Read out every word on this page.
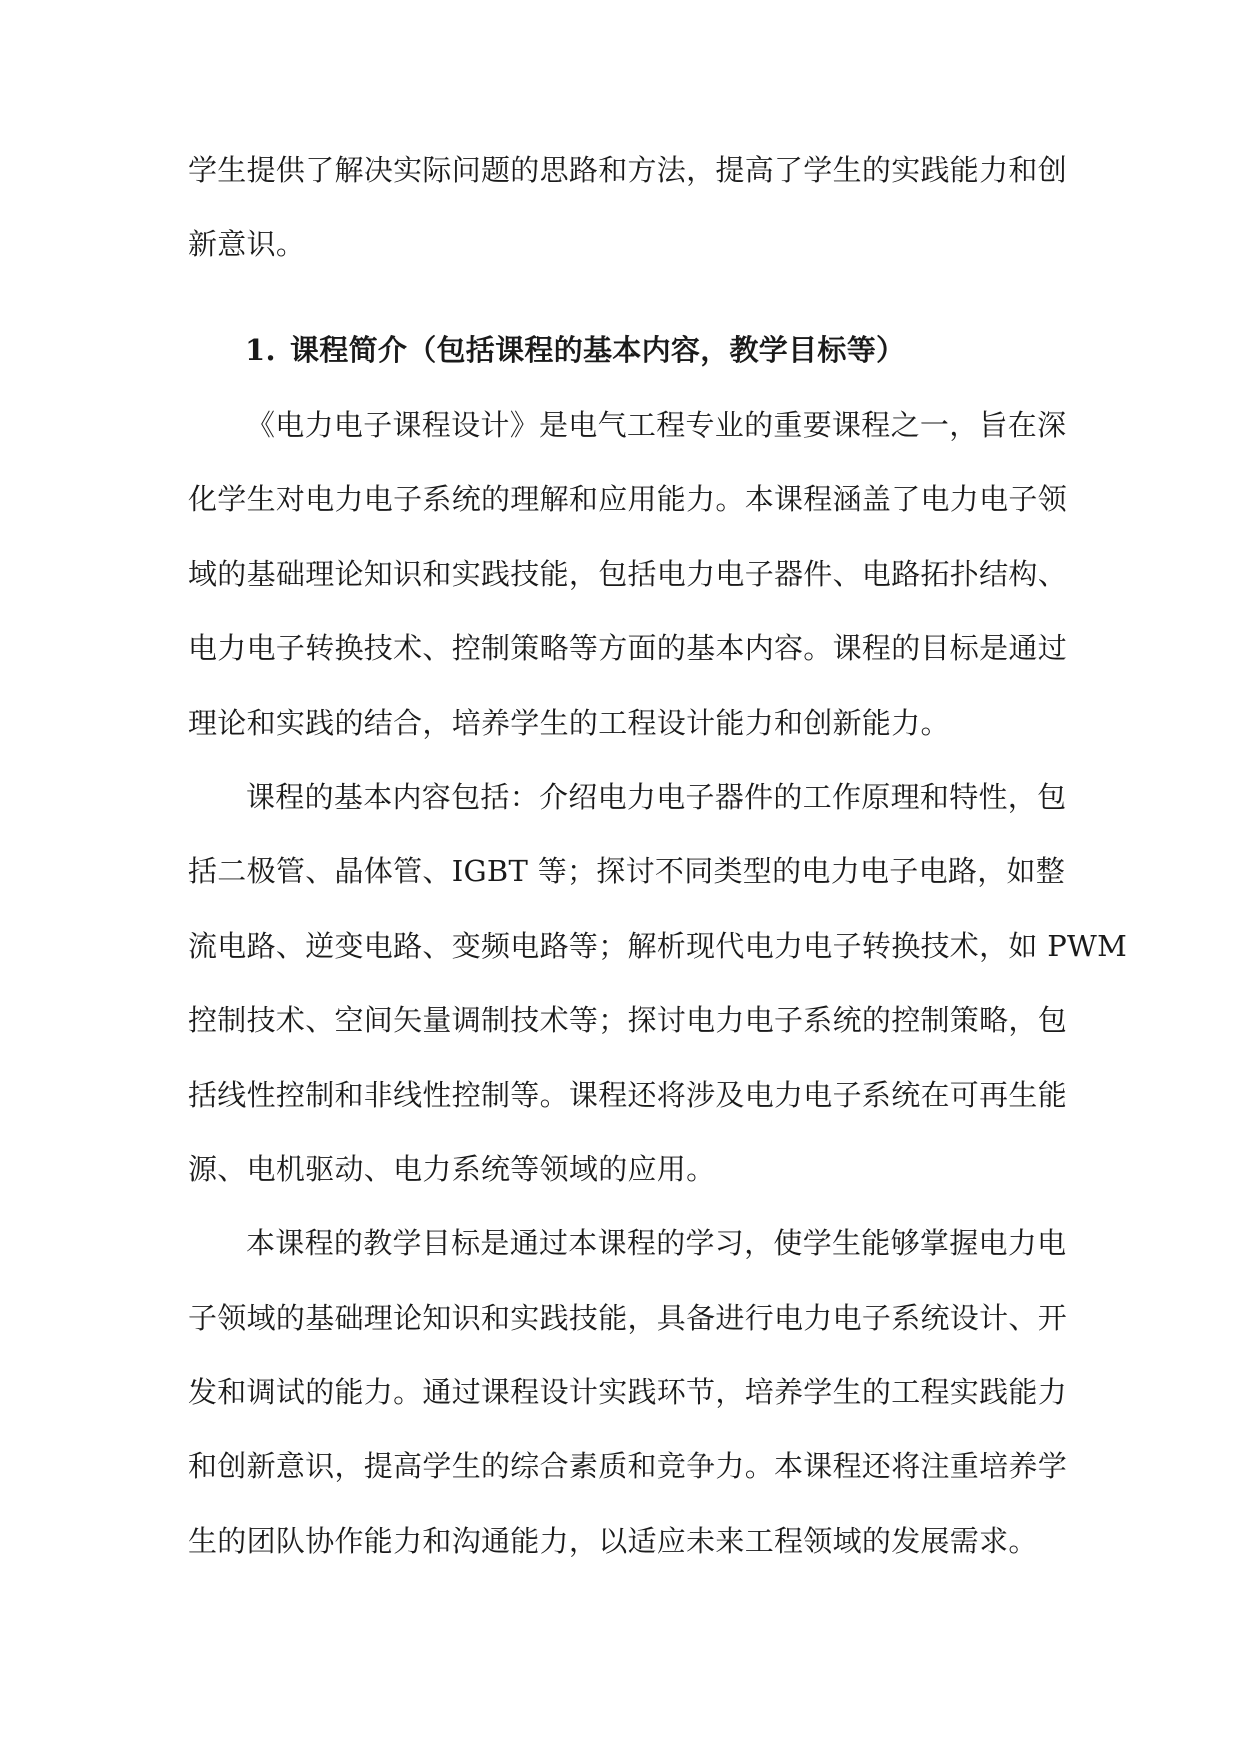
学生提供了解决实际问题的思路和方法，提高了学生的实践能力和创
新意识。
1. 课程简介（包括课程的基本内容，教学目标等）
《电力电子课程设计》是电气工程专业的重要课程之一，旨在深
化学生对电力电子系统的理解和应用能力。本课程涵盖了电力电子领
域的基础理论知识和实践技能，包括电力电子器件、电路拓扑结构、
电力电子转换技术、控制策略等方面的基本内容。课程的目标是通过
理论和实践的结合，培养学生的工程设计能力和创新能力。
课程的基本内容包括：介绍电力电子器件的工作原理和特性，包
括二极管、晶体管、IGBT 等；探讨不同类型的电力电子电路，如整
流电路、逆变电路、变频电路等；解析现代电力电子转换技术，如 PWM
控制技术、空间矢量调制技术等；探讨电力电子系统的控制策略，包
括线性控制和非线性控制等。课程还将涉及电力电子系统在可再生能
源、电机驱动、电力系统等领域的应用。
本课程的教学目标是通过本课程的学习，使学生能够掌握电力电
子领域的基础理论知识和实践技能，具备进行电力电子系统设计、开
发和调试的能力。通过课程设计实践环节，培养学生的工程实践能力
和创新意识，提高学生的综合素质和竞争力。本课程还将注重培养学
生的团队协作能力和沟通能力，以适应未来工程领域的发展需求。
